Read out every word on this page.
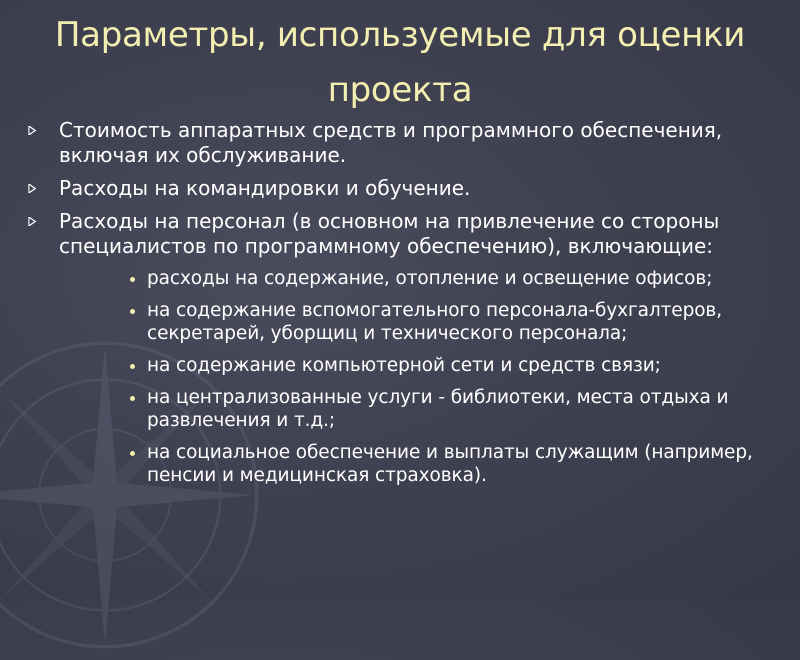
Параметры, используемые для оценки
проекта
Стоимость аппаратных средств и программного обеспечения, включая их обслуживание.
Расходы на командировки и обучение.
Расходы на персонал (в основном на привлечение со стороны специалистов по программному обеспечению), включающие:
расходы на содержание, отопление и освещение офисов;
на содержание вспомогательного персонала-бухгалтеров, секретарей, уборщиц и технического персонала;
на содержание компьютерной сети и средств связи;
на централизованные услуги - библиотеки, места отдыха и развлечения и т.д.;
на социальное обеспечение и выплаты служащим (например, пенсии и медицинская страховка).
